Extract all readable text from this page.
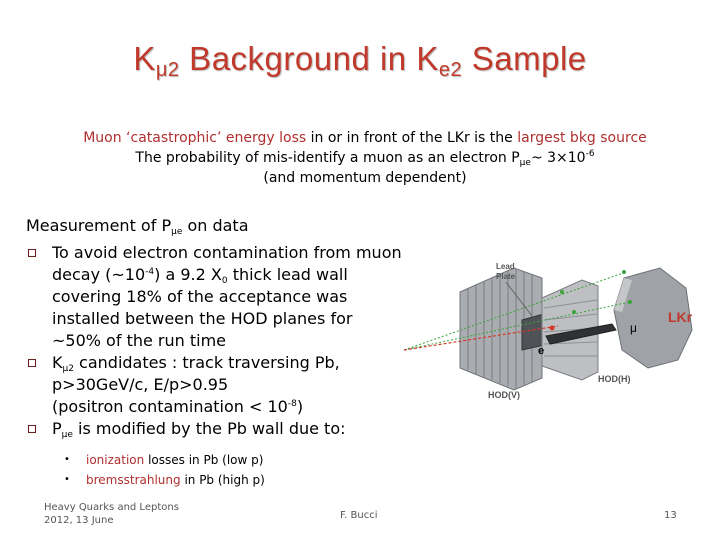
$K_{\mu 2}$ Background in $K_{e2}$ Sample
Muon ‘catastrophic’ energy loss in or in front of the LKr is the largest bkg source
The probability of mis-identify a muon as an electron $P_{\mu e}\sim$ $3\times 10^{-6}$
(and momentum dependent)
Measurement of $P_{\mu e}$ on data
To avoid electron contamination from muon decay $(\sim 10^{-4})$ a 9.2 $X_0$ thick lead wall covering 18% of the acceptance was installed between the HOD planes for ~50% of the run time
$K_{\mu 2}$ candidates : track traversing Pb, p>30GeV/c, E/p>0.95
(positron contamination < $10^{-8}$)
$P_{\mu e}$ is modified by the Pb wall due to:
• ionization losses in Pb (low p)
• bremsstrahlung in Pb (high p)
Lead
Plate
LKr
μ
e
HOD(H)
HOD(V)
Heavy Quarks and Leptons
2012, 13 June	F. Bucci	13
